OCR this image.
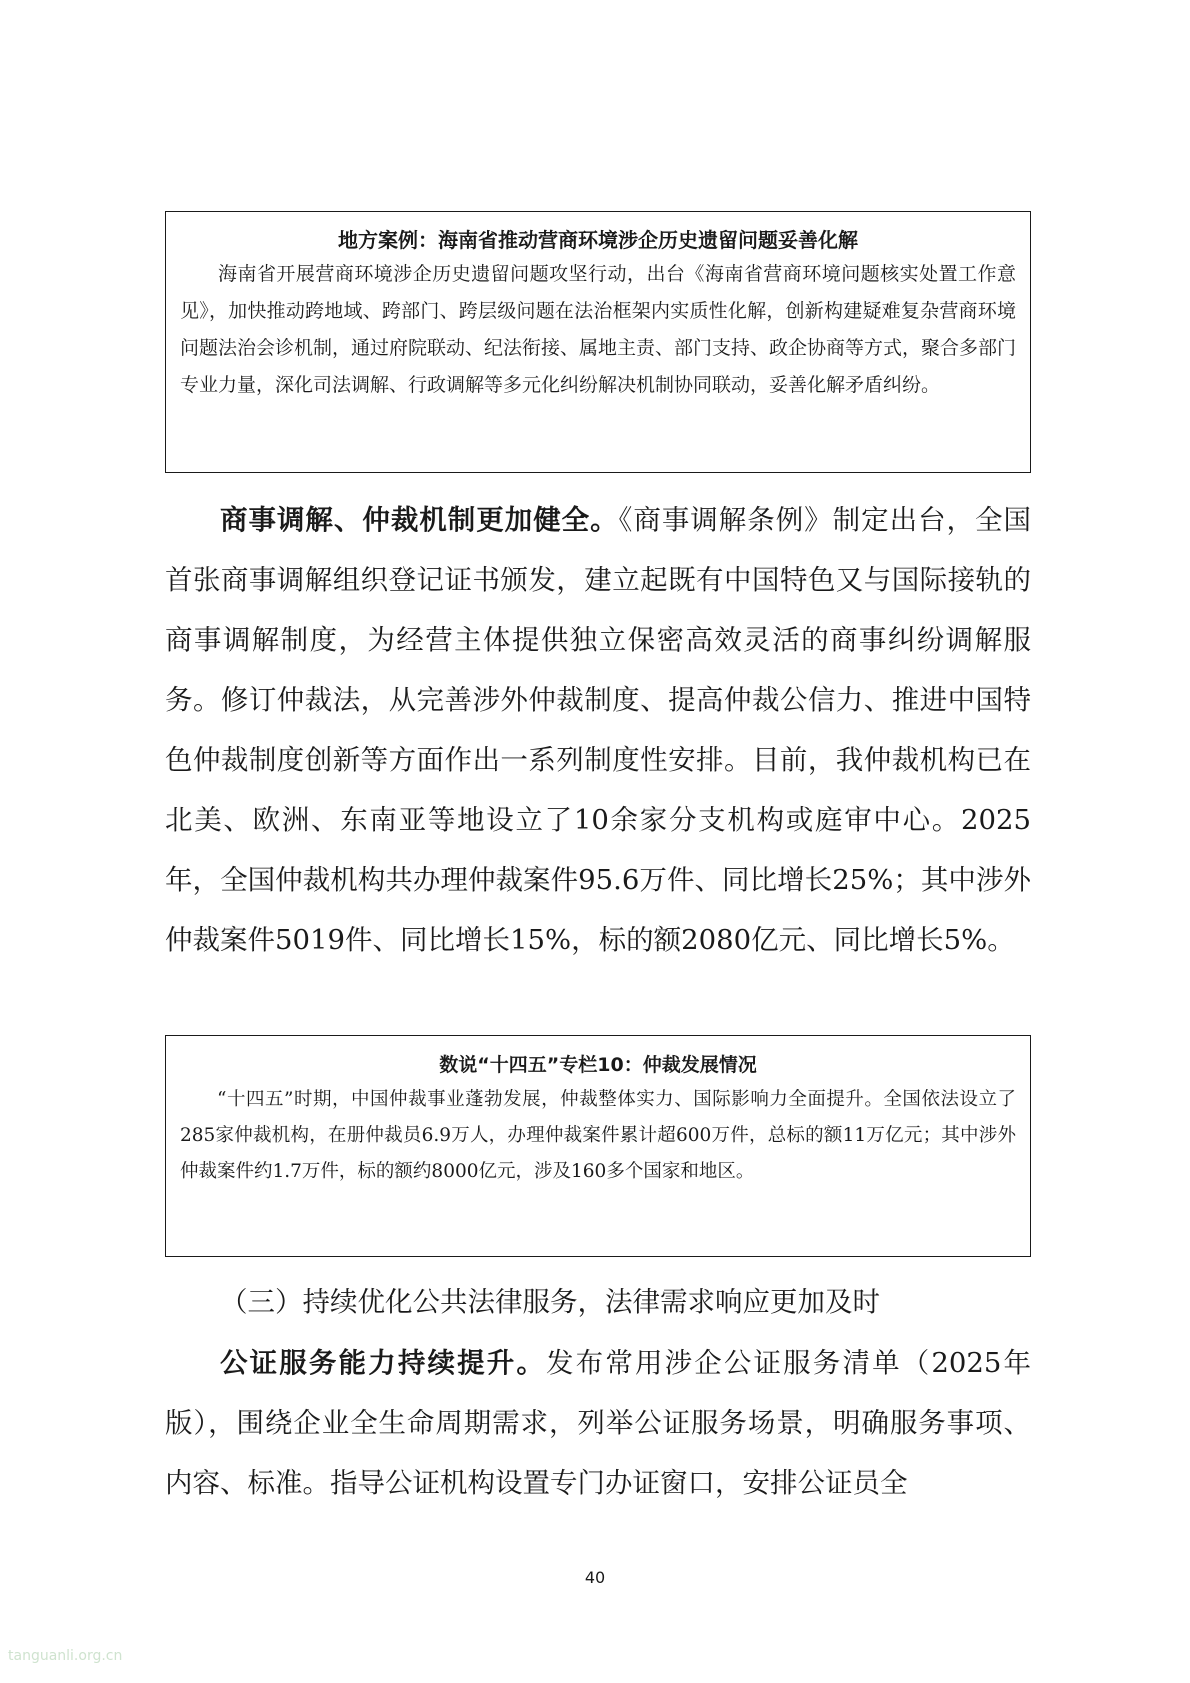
地方案例：海南省推动营商环境涉企历史遗留问题妥善化解

海南省开展营商环境涉企历史遗留问题攻坚行动，出台《海南省营商环境问题核实处置工作意见》，加快推动跨地域、跨部门、跨层级问题在法治框架内实质性化解，创新构建疑难复杂营商环境问题法治会诊机制，通过府院联动、纪法衔接、属地主责、部门支持、政企协商等方式，聚合多部门专业力量，深化司法调解、行政调解等多元化纠纷解决机制协同联动，妥善化解矛盾纠纷。

商事调解、仲裁机制更加健全。《商事调解条例》制定出台，全国首张商事调解组织登记证书颁发，建立起既有中国特色又与国际接轨的商事调解制度，为经营主体提供独立保密高效灵活的商事纠纷调解服务。修订仲裁法，从完善涉外仲裁制度、提高仲裁公信力、推进中国特色仲裁制度创新等方面作出一系列制度性安排。目前，我仲裁机构已在北美、欧洲、东南亚等地设立了10余家分支机构或庭审中心。2025年，全国仲裁机构共办理仲裁案件95.6万件、同比增长25%；其中涉外仲裁案件5019件、同比增长15%，标的额2080亿元、同比增长5%。

数说“十四五”专栏10：仲裁发展情况

“十四五”时期，中国仲裁事业蓬勃发展，仲裁整体实力、国际影响力全面提升。全国依法设立了285家仲裁机构，在册仲裁员6.9万人，办理仲裁案件累计超600万件，总标的额11万亿元；其中涉外仲裁案件约1.7万件，标的额约8000亿元，涉及160多个国家和地区。

（三）持续优化公共法律服务，法律需求响应更加及时

公证服务能力持续提升。发布常用涉企公证服务清单（2025年版），围绕企业全生命周期需求，列举公证服务场景，明确服务事项、内容、标准。指导公证机构设置专门办证窗口，安排公证员全

40
tanguanli.org.cn
